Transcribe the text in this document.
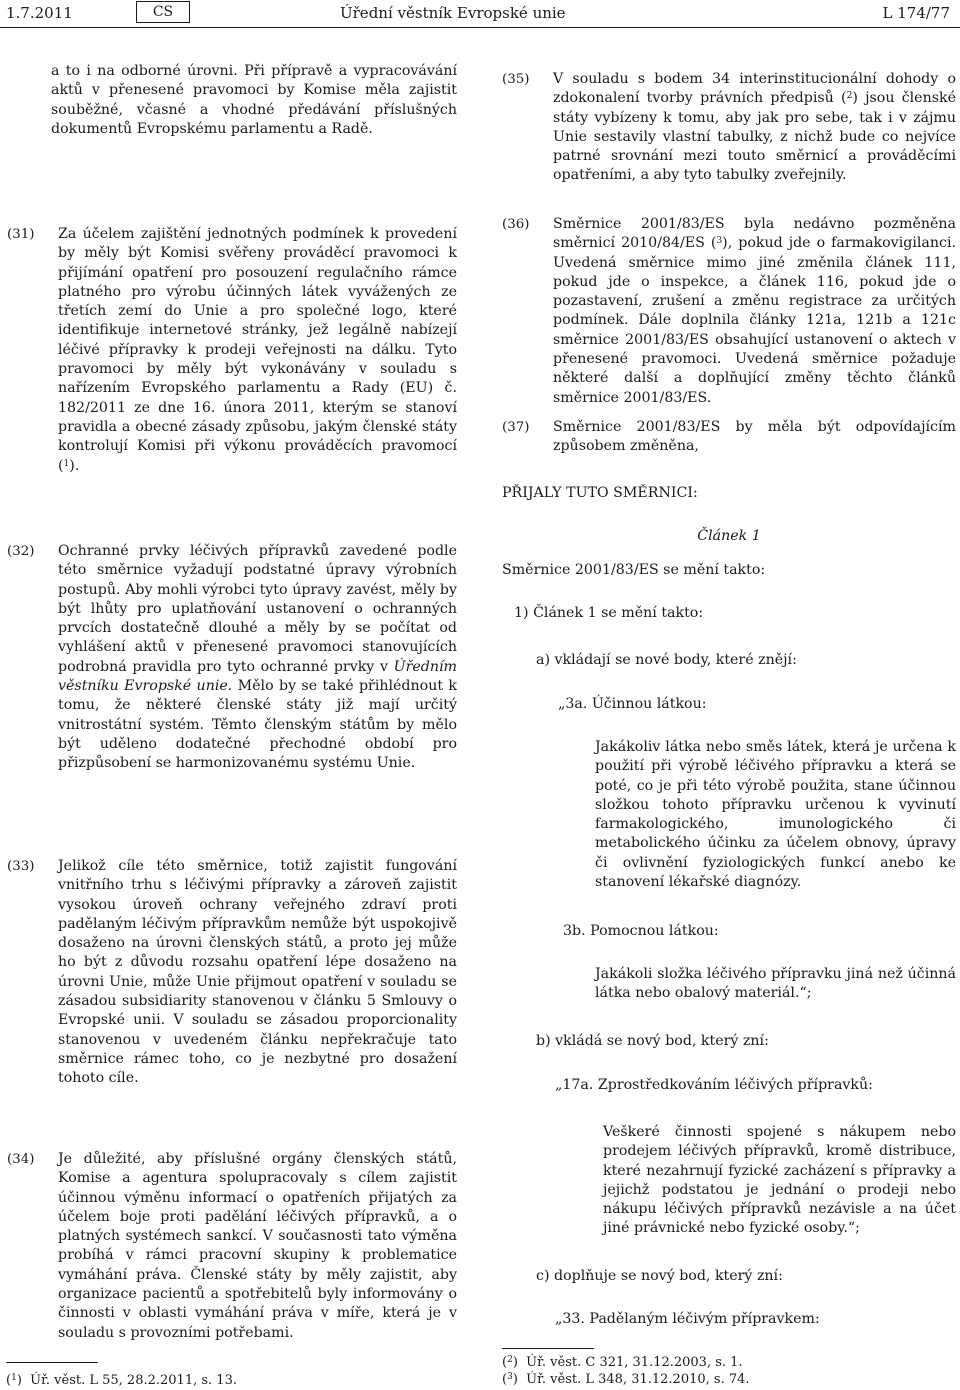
1.7.2011	CS	Úřední věstník Evropské unie	L 174/77

a to i na odborné úrovni. Při přípravě a vypracovávání aktů v přenesené pravomoci by Komise měla zajistit souběžné, včasné a vhodné předávání příslušných dokumentů Evropskému parlamentu a Radě.

(31) Za účelem zajištění jednotných podmínek k provedení by měly být Komisi svěřeny prováděcí pravomoci k přijímání opatření pro posouzení regulačního rámce platného pro výrobu účinných látek vyvážených ze třetích zemí do Unie a pro společné logo, které identifikuje internetové stránky, jež legálně nabízejí léčivé přípravky k prodeji veřejnosti na dálku. Tyto pravomoci by měly být vykonávány v souladu s nařízením Evropského parlamentu a Rady (EU) č. 182/2011 ze dne 16. února 2011, kterým se stanoví pravidla a obecné zásady způsobu, jakým členské státy kontrolují Komisi při výkonu prováděcích pravomocí ($^1$).

(32) Ochranné prvky léčivých přípravků zavedené podle této směrnice vyžadují podstatné úpravy výrobních postupů. Aby mohli výrobci tyto úpravy zavést, měly by být lhůty pro uplatňování ustanovení o ochranných prvcích dostatečně dlouhé a měly by se počítat od vyhlášení aktů v přenesené pravomoci stanovujících podrobná pravidla pro tyto ochranné prvky v Úředním věstníku Evropské unie. Mělo by se také přihlédnout k tomu, že některé členské státy již mají určitý vnitrostátní systém. Těmto členským státům by mělo být uděleno dodatečné přechodné období pro přizpůsobení se harmonizovanému systému Unie.

(33) Jelikož cíle této směrnice, totiž zajistit fungování vnitřního trhu s léčivými přípravky a zároveň zajistit vysokou úroveň ochrany veřejného zdraví proti padělaným léčivým přípravkům nemůže být uspokojivě dosaženo na úrovni členských států, a proto jej může ho být z důvodu rozsahu opatření lépe dosaženo na úrovni Unie, může Unie přijmout opatření v souladu se zásadou subsidiarity stanovenou v článku 5 Smlouvy o Evropské unii. V souladu se zásadou proporcionality stanovenou v uvedeném článku nepřekračuje tato směrnice rámec toho, co je nezbytné pro dosažení tohoto cíle.

(34) Je důležité, aby příslušné orgány členských států, Komise a agentura spolupracovaly s cílem zajistit účinnou výměnu informací o opatřeních přijatých za účelem boje proti padělání léčivých přípravků, a o platných systémech sankcí. V současnosti tato výměna probíhá v rámci pracovní skupiny k problematice vymáhání práva. Členské státy by měly zajistit, aby organizace pacientů a spotřebitelů byly informovány o činnosti v oblasti vymáhání práva v míře, která je v souladu s provozními potřebami.

($^1$)  Úř. věst. L 55, 28.2.2011, s. 13.
(35) V souladu s bodem 34 interinstitucionální dohody o zdokonalení tvorby právních předpisů ($^2$) jsou členské státy vybízeny k tomu, aby jak pro sebe, tak i v zájmu Unie sestavily vlastní tabulky, z nichž bude co nejvíce patrné srovnání mezi touto směrnicí a prováděcími opatřeními, a aby tyto tabulky zveřejnily.

(36) Směrnice 2001/83/ES byla nedávno pozměněna směrnicí 2010/84/ES ($^3$), pokud jde o farmakovigilanci. Uvedená směrnice mimo jiné změnila článek 111, pokud jde o inspekce, a článek 116, pokud jde o pozastavení, zrušení a změnu registrace za určitých podmínek. Dále doplnila články 121a, 121b a 121c směrnice 2001/83/ES obsahující ustanovení o aktech v přenesené pravomoci. Uvedená směrnice požaduje některé další a doplňující změny těchto článků směrnice 2001/83/ES.

(37) Směrnice 2001/83/ES by měla být odpovídajícím způsobem změněna,

PŘIJALY TUTO SMĚRNICI:
Článek 1
Směrnice 2001/83/ES se mění takto:
1) Článek 1 se mění takto:
a) vkládají se nové body, které znějí:
„3a. Účinnou látkou:

Jakákoliv látka nebo směs látek, která je určena k použití při výrobě léčivého přípravku a která se poté, co je při této výrobě použita, stane účinnou složkou tohoto přípravku určenou k vyvinutí farmakologického, imunologického či metabolického účinku za účelem obnovy, úpravy či ovlivnění fyziologických funkcí anebo ke stanovení lékařské diagnózy.

3b. Pomocnou látkou:

Jakákoli složka léčivého přípravku jiná než účinná látka nebo obalový materiál.“;

b) vkládá se nový bod, který zní:
„17a. Zprostředkováním léčivých přípravků:

Veškeré činnosti spojené s nákupem nebo prodejem léčivých přípravků, kromě distribuce, které nezahrnují fyzické zacházení s přípravky a jejichž podstatou je jednání o prodeji nebo nákupu léčivých přípravků nezávisle a na účet jiné právnické nebo fyzické osoby.“;

c) doplňuje se nový bod, který zní:
„33. Padělaným léčivým přípravkem:
($^2$)  Úř. věst. C 321, 31.12.2003, s. 1.
($^3$)  Úř. věst. L 348, 31.12.2010, s. 74.
